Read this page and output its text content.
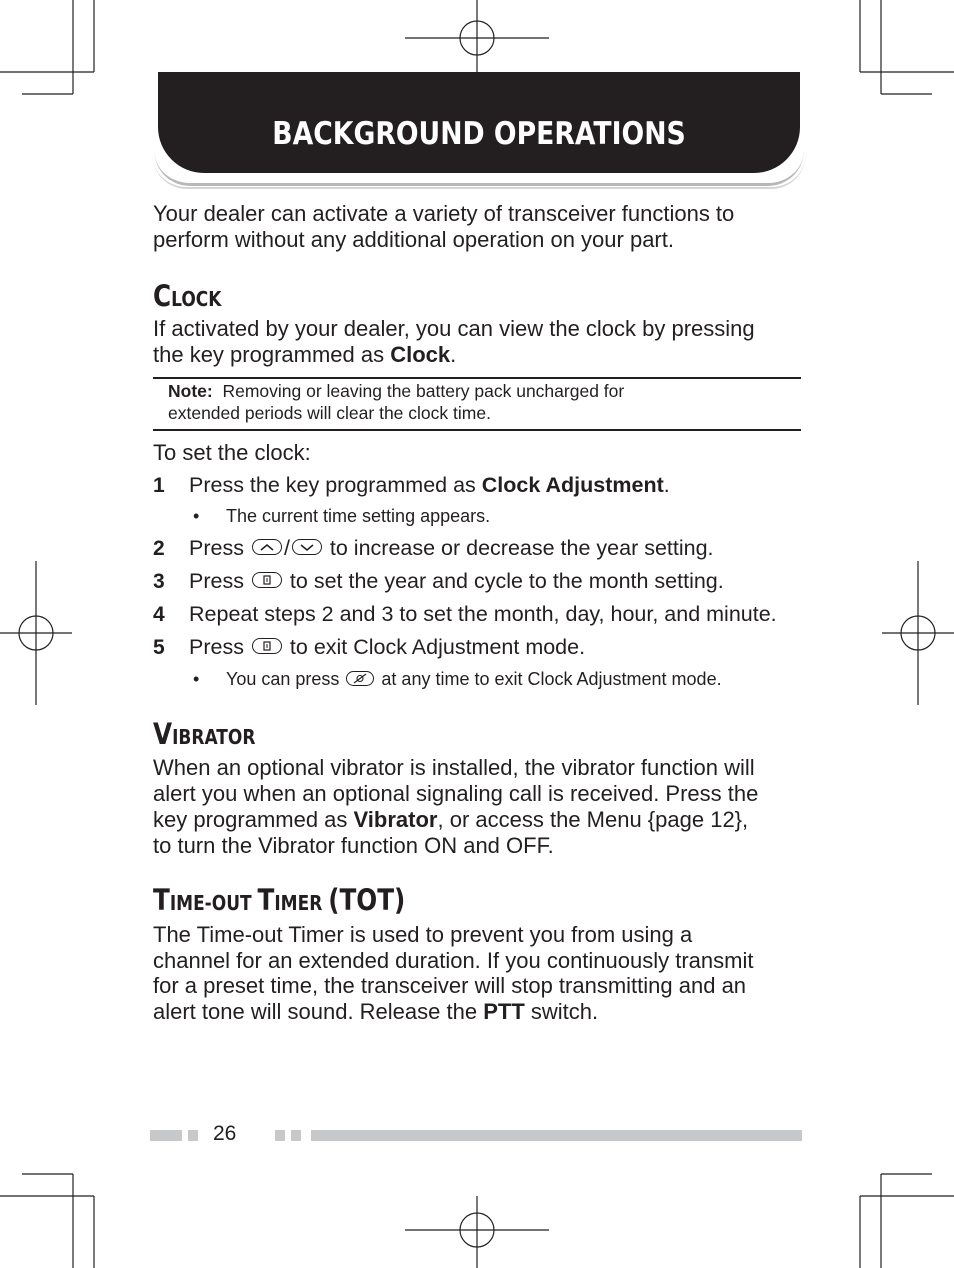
BACKGROUND OPERATIONS
Your dealer can activate a variety of transceiver functions to perform without any additional operation on your part.
CLOCK
If activated by your dealer, you can view the clock by pressing
the key programmed as Clock.
Note: Removing or leaving the battery pack uncharged for
extended periods will clear the clock time.
To set the clock:
1 Press the key programmed as Clock Adjustment.
• The current time setting appears.
2 Press
/
to increase or decrease the year setting.
3 Press
to set the year and cycle to the month setting.
4 Repeat steps 2 and 3 to set the month, day, hour, and minute.
5 Press
to exit Clock Adjustment mode.
• You can press
at any time to exit Clock Adjustment mode.
VIBRATOR
When an optional vibrator is installed, the vibrator function will
alert you when an optional signaling call is received. Press the
key programmed as Vibrator, or access the Menu {page 12},
to turn the Vibrator function ON and OFF.
TIME-OUT TIMER (TOT)
The Time-out Timer is used to prevent you from using a
channel for an extended duration. If you continuously transmit
for a preset time, the transceiver will stop transmitting and an
alert tone will sound. Release the PTT switch.
26
